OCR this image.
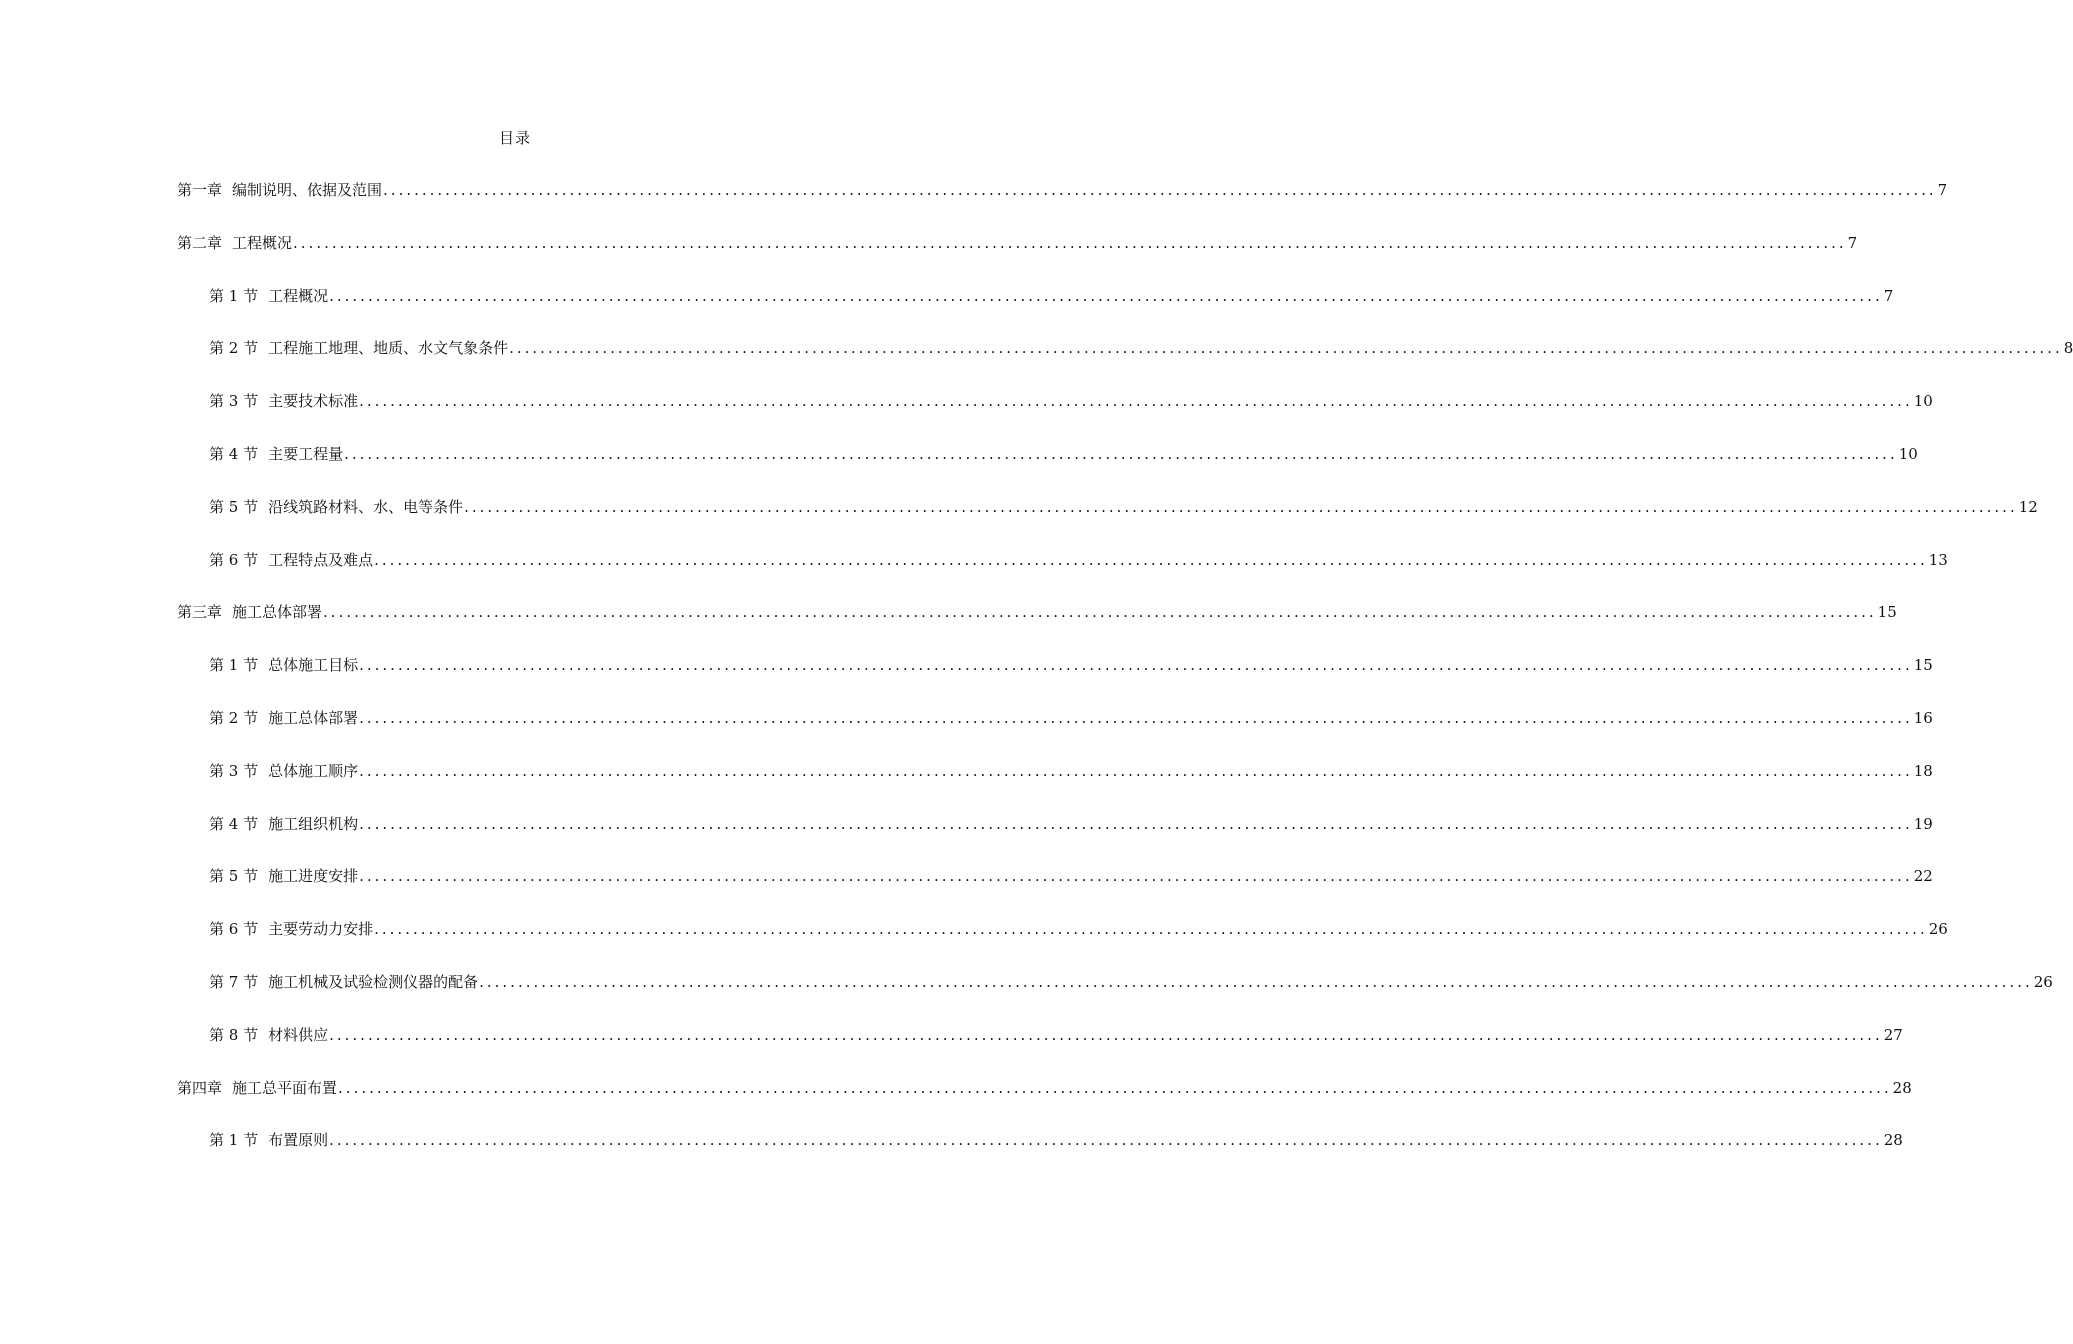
目录
第一章 编制说明、依据及范围 ........................................................................................................................................................................................................ 7
第二章 工程概况 ........................................................................................................................................................................................................ 7
第 1 节 工程概况 ........................................................................................................................................................................................................ 7
第 2 节 工程施工地理、地质、水文气象条件 ........................................................................................................................................................................................................ 8
第 3 节 主要技术标准 ........................................................................................................................................................................................................ 10
第 4 节 主要工程量 ........................................................................................................................................................................................................ 10
第 5 节 沿线筑路材料、水、电等条件 ........................................................................................................................................................................................................ 12
第 6 节 工程特点及难点 ........................................................................................................................................................................................................ 13
第三章 施工总体部署 ........................................................................................................................................................................................................ 15
第 1 节 总体施工目标 ........................................................................................................................................................................................................ 15
第 2 节 施工总体部署 ........................................................................................................................................................................................................ 16
第 3 节 总体施工顺序 ........................................................................................................................................................................................................ 18
第 4 节 施工组织机构 ........................................................................................................................................................................................................ 19
第 5 节 施工进度安排 ........................................................................................................................................................................................................ 22
第 6 节 主要劳动力安排 ........................................................................................................................................................................................................ 26
第 7 节 施工机械及试验检测仪器的配备 ........................................................................................................................................................................................................ 26
第 8 节 材料供应 ........................................................................................................................................................................................................ 27
第四章 施工总平面布置 ........................................................................................................................................................................................................ 28
第 1 节 布置原则 ........................................................................................................................................................................................................ 28
